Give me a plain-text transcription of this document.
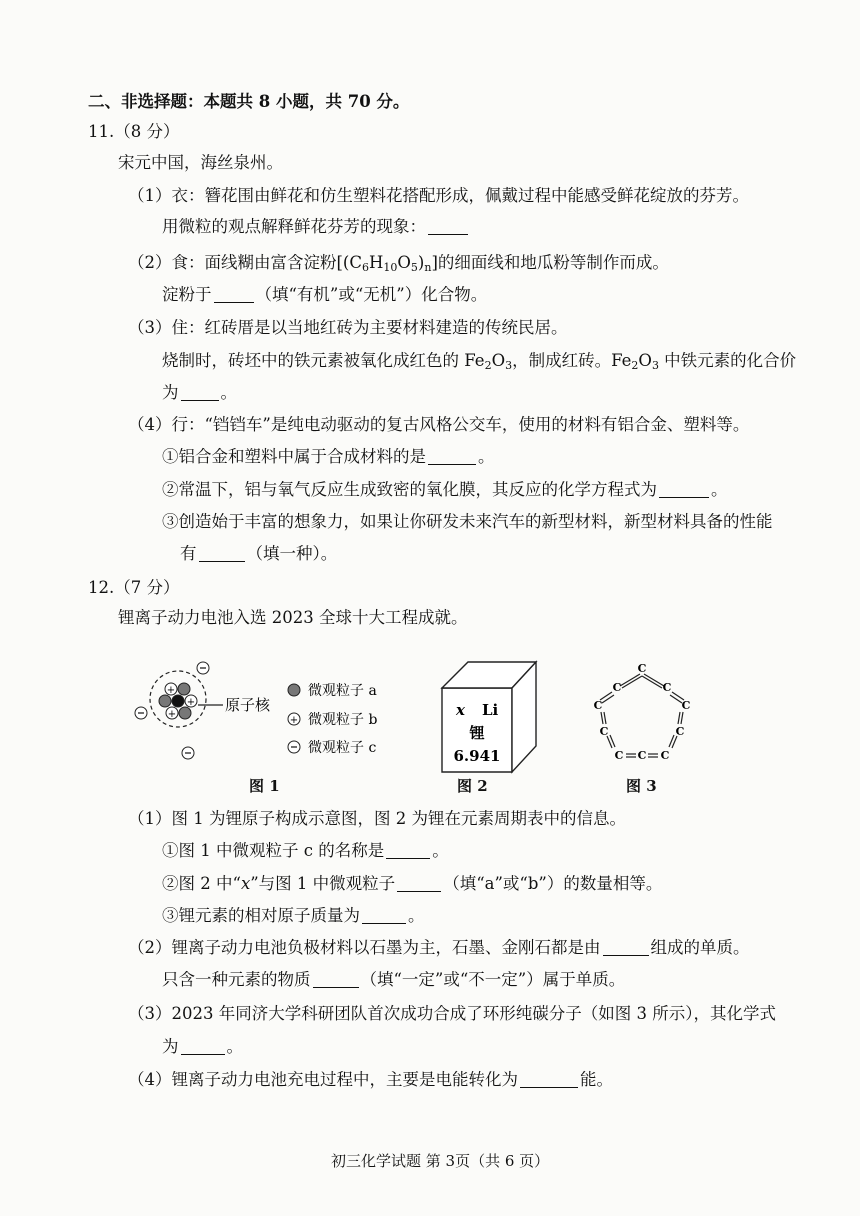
二、非选择题：本题共 8 小题，共 70 分。
11.（8 分）
宋元中国，海丝泉州。
（1）衣：簪花围由鲜花和仿生塑料花搭配形成，佩戴过程中能感受鲜花绽放的芬芳。
用微粒的观点解释鲜花芬芳的现象：
（2）食：面线糊由富含淀粉$[(C_6H_{10}O_5)_n]$的细面线和地瓜粉等制作而成。
淀粉于	（填“有机”或“无机”）化合物。
（3）住：红砖厝是以当地红砖为主要材料建造的传统民居。
烧制时，砖坯中的铁元素被氧化成红色的 $Fe_2O_3$，制成红砖。$Fe_2O_3$ 中铁元素的化合价
为	。
（4）行：“铛铛车”是纯电动驱动的复古风格公交车，使用的材料有铝合金、塑料等。
①铝合金和塑料中属于合成材料的是	。
②常温下，铝与氧气反应生成致密的氧化膜，其反应的化学方程式为	。
③创造始于丰富的想象力，如果让你研发未来汽车的新型材料，新型材料具备的性能
有	（填一种）。
12.（7 分）
锂离子动力电池入选 2023 全球十大工程成就。
+
+
+
原子核
微观粒子 a
+ 微观粒子 b
微观粒子 c
图 1
x Li
锂
6.941
图 2
C
C	C
C	C
C	C
C C C
图 3
（1）图 1 为锂原子构成示意图，图 2 为锂在元素周期表中的信息。
①图 1 中微观粒子 c 的名称是	。
②图 2 中“x”与图 1 中微观粒子	（填“a”或“b”）的数量相等。
③锂元素的相对原子质量为	。
（2）锂离子动力电池负极材料以石墨为主，石墨、金刚石都是由	组成的单质。
只含一种元素的物质	（填“一定”或“不一定”）属于单质。
（3）2023 年同济大学科研团队首次成功合成了环形纯碳分子（如图 3 所示），其化学式
为	。
（4）锂离子动力电池充电过程中，主要是电能转化为	能。
初三化学试题 第 3页（共 6 页）
